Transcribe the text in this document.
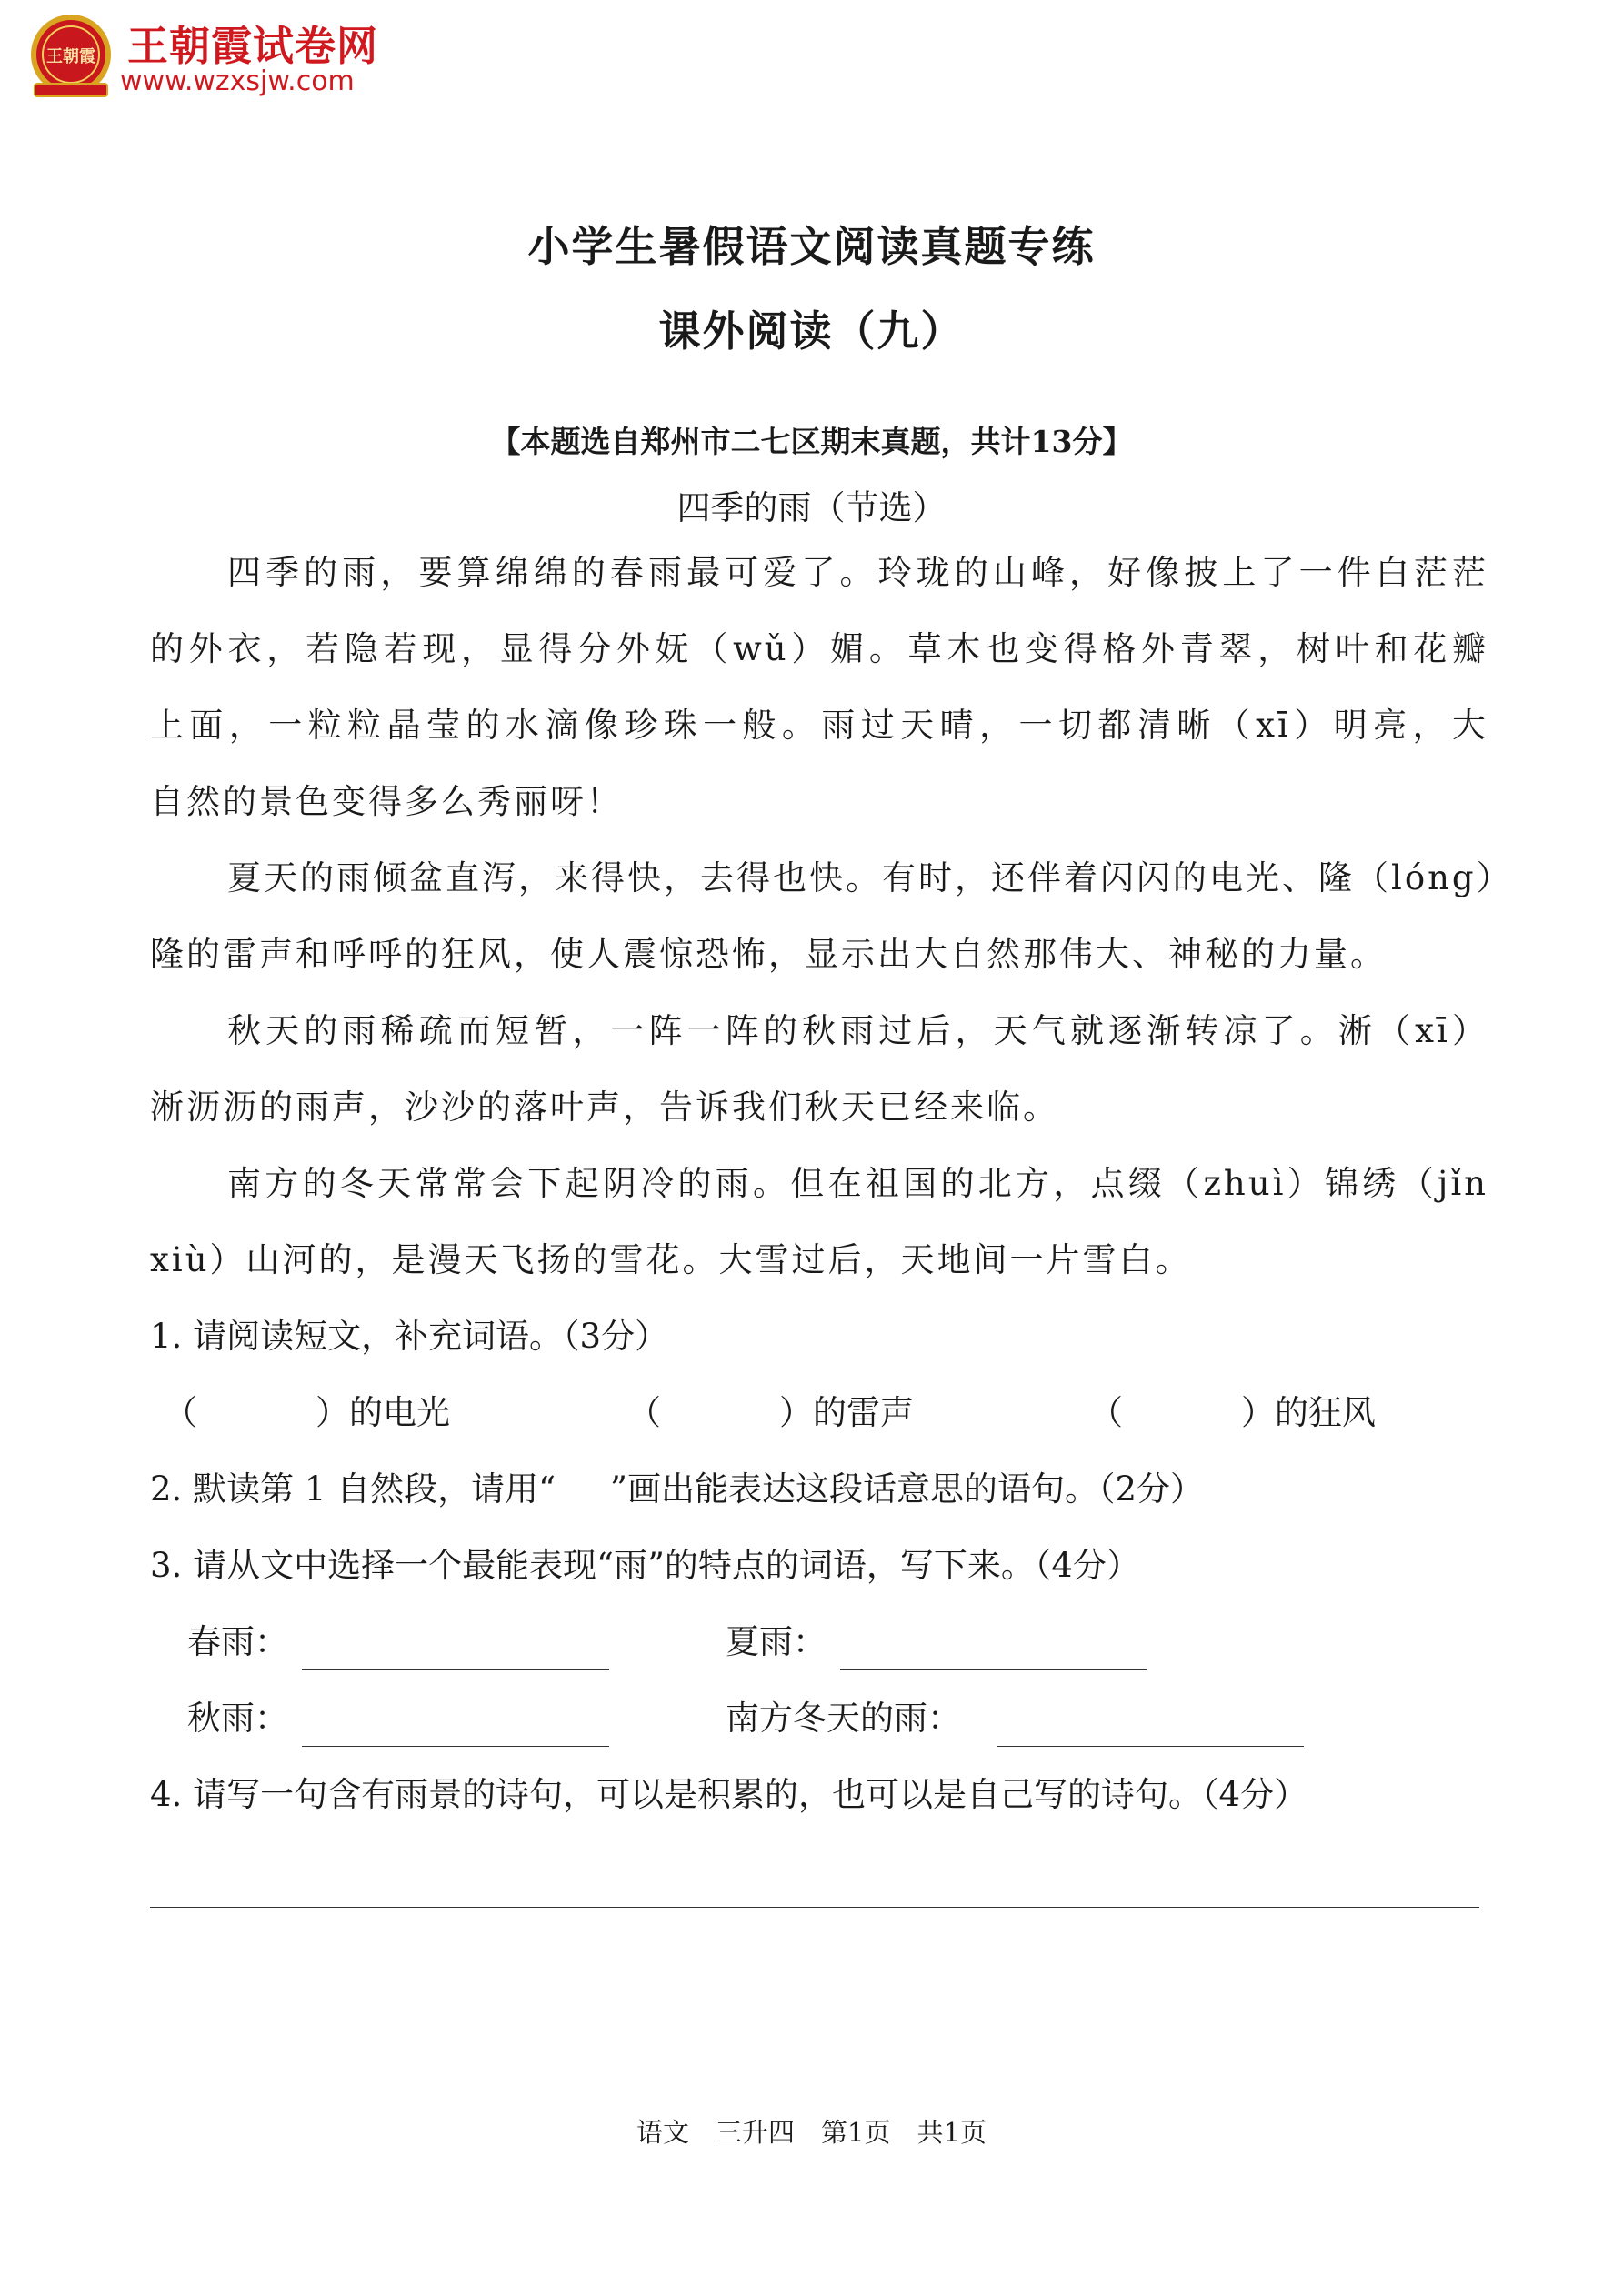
王朝霞 王朝霞试卷网
www.wzxsjw.com
小学生暑假语文阅读真题专练
课外阅读（九）
【本题选自郑州市二七区期末真题，共计13分】
四季的雨（节选）
四季的雨，要算绵绵的春雨最可爱了。玲珑的山峰，好像披上了一件白茫茫
的外衣，若隐若现，显得分外妩（wǔ）媚。草木也变得格外青翠，树叶和花瓣
上面，一粒粒晶莹的水滴像珍珠一般。雨过天晴，一切都清晰（xī）明亮，大
自然的景色变得多么秀丽呀！
夏天的雨倾盆直泻，来得快，去得也快。有时，还伴着闪闪的电光、隆（lóng）
隆的雷声和呼呼的狂风，使人震惊恐怖，显示出大自然那伟大、神秘的力量。
秋天的雨稀疏而短暂，一阵一阵的秋雨过后，天气就逐渐转凉了。淅（xī）
淅沥沥的雨声，沙沙的落叶声，告诉我们秋天已经来临。
南方的冬天常常会下起阴冷的雨。但在祖国的北方，点缀（zhuì）锦绣（jǐn
xiù）山河的，是漫天飞扬的雪花。大雪过后，天地间一片雪白。
1. 请阅读短文，补充词语。（3分）
（	）的电光	（	）的雷声	（	）的狂风
2. 默读第 1 自然段，请用“ ”画出能表达这段话意思的语句。（2分）
3. 请从文中选择一个最能表现“雨”的特点的词语，写下来。（4分）
春雨：	夏雨：
秋雨：	南方冬天的雨：
4. 请写一句含有雨景的诗句，可以是积累的，也可以是自己写的诗句。（4分）
语文　三升四　第1页　共1页
